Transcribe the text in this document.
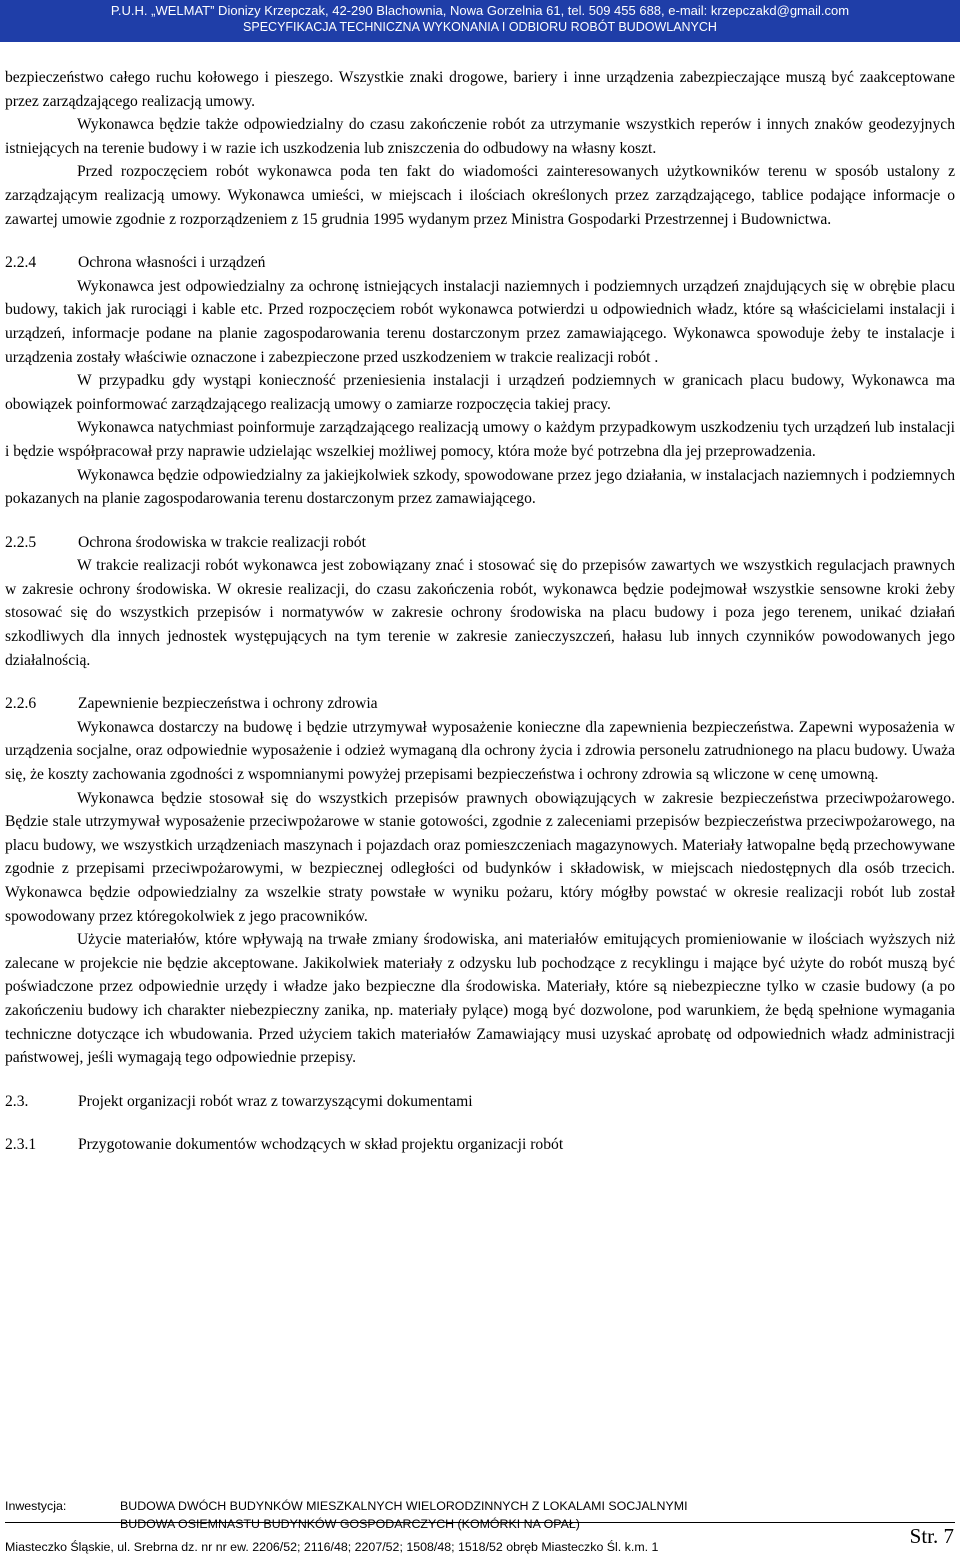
P.U.H. „WELMAT” Dionizy Krzepczak, 42-290 Blachownia, Nowa Gorzelnia 61, tel. 509 455 688, e-mail: krzepczakd@gmail.com
SPECYFIKACJA TECHNICZNA WYKONANIA I ODBIORU ROBÓT BUDOWLANYCH

bezpieczeństwo całego ruchu kołowego i pieszego. Wszystkie znaki drogowe, bariery i inne urządzenia zabezpieczające muszą być zaakceptowane przez zarządzającego realizacją umowy.

Wykonawca będzie także odpowiedzialny do czasu zakończenie robót za utrzymanie wszystkich reperów i innych znaków geodezyjnych istniejących na terenie budowy i w razie ich uszkodzenia lub zniszczenia do odbudowy na własny koszt.

Przed rozpoczęciem robót wykonawca poda ten fakt do wiadomości zainteresowanych użytkowników terenu w sposób ustalony z zarządzającym realizacją umowy. Wykonawca umieści, w miejscach i ilościach określonych przez zarządzającego, tablice podające informacje o zawartej umowie zgodnie z rozporządzeniem z 15 grudnia 1995 wydanym przez Ministra Gospodarki Przestrzennej i Budownictwa.

2.2.4	Ochrona własności i urządzeń

Wykonawca jest odpowiedzialny za ochronę istniejących instalacji naziemnych i podziemnych urządzeń znajdujących się w obrębie placu budowy, takich jak rurociągi i kable etc. Przed rozpoczęciem robót wykonawca potwierdzi u odpowiednich władz, które są właścicielami instalacji i urządzeń, informacje podane na planie zagospodarowania terenu dostarczonym przez zamawiającego. Wykonawca spowoduje żeby te instalacje i urządzenia zostały właściwie oznaczone i zabezpieczone przed uszkodzeniem w trakcie realizacji robót .

W przypadku gdy wystąpi konieczność przeniesienia instalacji i urządzeń podziemnych w granicach placu budowy, Wykonawca ma obowiązek poinformować zarządzającego realizacją umowy o zamiarze rozpoczęcia takiej pracy.

Wykonawca natychmiast poinformuje zarządzającego realizacją umowy o każdym przypadkowym uszkodzeniu tych urządzeń lub instalacji i będzie współpracował przy naprawie udzielając wszelkiej możliwej pomocy, która może być potrzebna dla jej przeprowadzenia.

Wykonawca będzie odpowiedzialny za jakiejkolwiek szkody, spowodowane przez jego działania, w instalacjach naziemnych i podziemnych pokazanych na planie zagospodarowania terenu dostarczonym przez zamawiającego.

2.2.5	Ochrona środowiska w trakcie realizacji robót

W trakcie realizacji robót wykonawca jest zobowiązany znać i stosować się do przepisów zawartych we wszystkich regulacjach prawnych w zakresie ochrony środowiska. W okresie realizacji, do czasu zakończenia robót, wykonawca będzie podejmował wszystkie sensowne kroki żeby stosować się do wszystkich przepisów i normatywów w zakresie ochrony środowiska na placu budowy i poza jego terenem, unikać działań szkodliwych dla innych jednostek występujących na tym terenie w zakresie zanieczyszczeń, hałasu lub innych czynników powodowanych jego działalnością.

2.2.6	Zapewnienie bezpieczeństwa i ochrony zdrowia

Wykonawca dostarczy na budowę i będzie utrzymywał wyposażenie konieczne dla zapewnienia bezpieczeństwa. Zapewni wyposażenia w urządzenia socjalne, oraz odpowiednie wyposażenie i odzież wymaganą dla ochrony życia i zdrowia personelu zatrudnionego na placu budowy. Uważa się, że koszty zachowania zgodności z wspomnianymi powyżej przepisami bezpieczeństwa i ochrony zdrowia są wliczone w cenę umowną.

Wykonawca będzie stosował się do wszystkich przepisów prawnych obowiązujących w zakresie bezpieczeństwa przeciwpożarowego. Będzie stale utrzymywał wyposażenie przeciwpożarowe w stanie gotowości, zgodnie z zaleceniami przepisów bezpieczeństwa przeciwpożarowego, na placu budowy, we wszystkich urządzeniach maszynach i pojazdach oraz pomieszczeniach magazynowych. Materiały łatwopalne będą przechowywane zgodnie z przepisami przeciwpożarowymi, w bezpiecznej odległości od budynków i składowisk, w miejscach niedostępnych dla osób trzecich. Wykonawca będzie odpowiedzialny za wszelkie straty powstałe w wyniku pożaru, który mógłby powstać w okresie realizacji robót lub został spowodowany przez któregokolwiek z jego pracowników.

Użycie materiałów, które wpływają na trwałe zmiany środowiska, ani materiałów emitujących promieniowanie w ilościach wyższych niż zalecane w projekcie nie będzie akceptowane. Jakikolwiek materiały z odzysku lub pochodzące z recyklingu i mające być użyte do robót muszą być poświadczone przez odpowiednie urzędy i władze jako bezpieczne dla środowiska. Materiały, które są niebezpieczne tylko w czasie budowy (a po zakończeniu budowy ich charakter niebezpieczny zanika, np. materiały pylące) mogą być dozwolone, pod warunkiem, że będą spełnione wymagania techniczne dotyczące ich wbudowania. Przed użyciem takich materiałów Zamawiający musi uzyskać aprobatę od odpowiednich władz administracji państwowej, jeśli wymagają tego odpowiednie przepisy.

2.3.	Projekt organizacji robót wraz z towarzyszącymi dokumentami

2.3.1	Przygotowanie dokumentów wchodzących w skład projektu organizacji robót

Inwestycja:	BUDOWA DWÓCH BUDYNKÓW MIESZKALNYCH WIELORODZINNYCH Z LOKALAMI SOCJALNYMI
BUDOWA OSIEMNASTU BUDYNKÓW GOSPODARCZYCH (KOMÓRKI NA OPAŁ)
Miasteczko Śląskie, ul. Srebrna dz. nr nr ew. 2206/52; 2116/48; 2207/52; 1508/48; 1518/52 obręb Miasteczko Śl. k.m. 1	Str. 7
